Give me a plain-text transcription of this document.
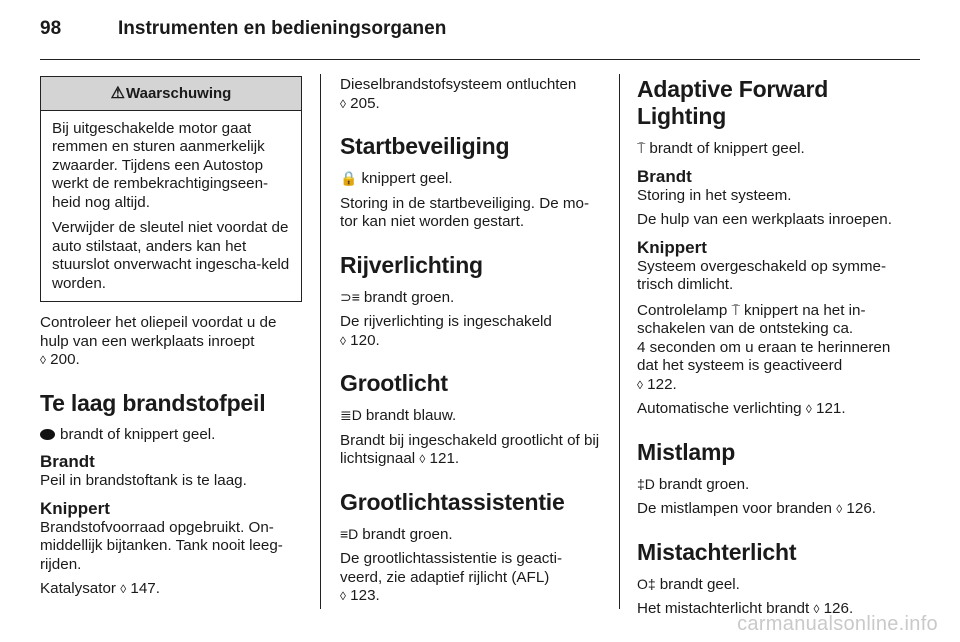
98	Instrumenten en bedieningsorganen
⚠Waarschuwing

Bij uitgeschakelde motor gaat remmen en sturen aanmerkelijk zwaarder. Tijdens een Autostop werkt de rembekrachtigingseen-heid nog altijd.

Verwijder de sleutel niet voordat de auto stilstaat, anders kan het stuurslot onverwacht ingescha-keld worden.

Controleer het oliepeil voordat u de hulp van een werkplaats inroept
◊ 200.

Te laag brandstofpeil

brandt of knippert geel.

Brandt

Peil in brandstoftank is te laag.

Knippert

Brandstofvoorraad opgebruikt. On-middellijk bijtanken. Tank nooit leeg-rijden.

Katalysator ◊ 147.

Dieselbrandstofsysteem ontluchten
◊ 205.

Startbeveiliging

🔒 knippert geel.

Storing in de startbeveiliging. De mo-tor kan niet worden gestart.

Rijverlichting

⊃≡ brandt groen.

De rijverlichting is ingeschakeld
◊ 120.

Grootlicht

≣D brandt blauw.

Brandt bij ingeschakeld grootlicht of bij lichtsignaal ◊ 121.

Grootlichtassistentie

≡D brandt groen.

De grootlichtassistentie is geacti-veerd, zie adaptief rijlicht (AFL)
◊ 123.

Adaptive Forward Lighting

⍑ brandt of knippert geel.

Brandt

Storing in het systeem.

De hulp van een werkplaats inroepen.

Knippert

Systeem overgeschakeld op symme-trisch dimlicht.

Controlelamp ⍑ knippert na het in-schakelen van de ontsteking ca.

4 seconden om u eraan te herinneren dat het systeem is geactiveerd
◊ 122.

Automatische verlichting ◊ 121.

Mistlamp

‡D brandt groen.

De mistlampen voor branden ◊ 126.

Mistachterlicht

O‡ brandt geel.

Het mistachterlicht brandt ◊ 126.

carmanualsonline.info
